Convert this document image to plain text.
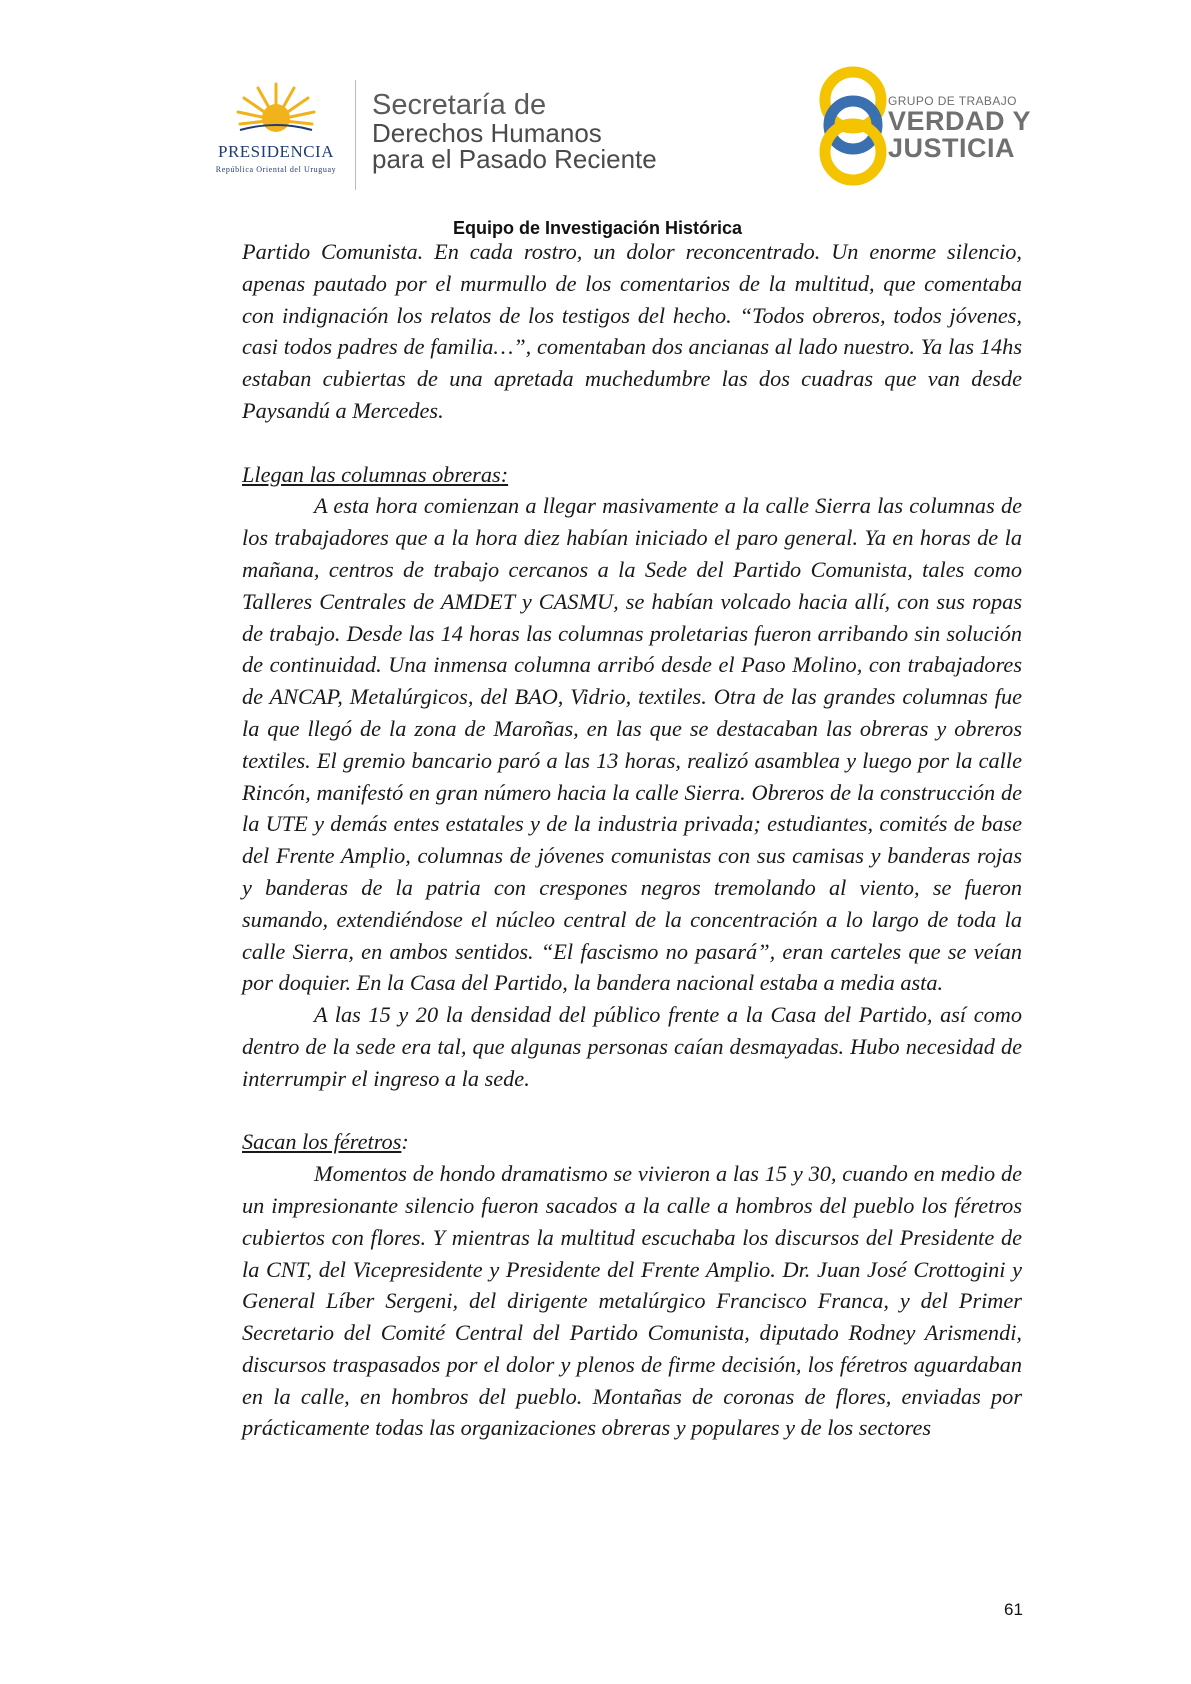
PRESIDENCIA
República Oriental del Uruguay
Secretaría de
Derechos Humanos
para el Pasado Reciente
GRUPO DE TRABAJO
VERDAD Y
JUSTICIA
Equipo de Investigación Histórica

Partido Comunista. En cada rostro, un dolor reconcentrado. Un enorme silencio, apenas pautado por el murmullo de los comentarios de la multitud, que comentaba con indignación los relatos de los testigos del hecho. “Todos obreros, todos jóvenes, casi todos padres de familia…”, comentaban dos ancianas al lado nuestro. Ya las 14hs estaban cubiertas de una apretada muchedumbre las dos cuadras que van desde Paysandú a Mercedes.

Llegan las columnas obreras:

A esta hora comienzan a llegar masivamente a la calle Sierra las columnas de los trabajadores que a la hora diez habían iniciado el paro general. Ya en horas de la mañana, centros de trabajo cercanos a la Sede del Partido Comunista, tales como Talleres Centrales de AMDET y CASMU, se habían volcado hacia allí, con sus ropas de trabajo. Desde las 14 horas las columnas proletarias fueron arribando sin solución de continuidad. Una inmensa columna arribó desde el Paso Molino, con trabajadores de ANCAP, Metalúrgicos, del BAO, Vidrio, textiles. Otra de las grandes columnas fue la que llegó de la zona de Maroñas, en las que se destacaban las obreras y obreros textiles. El gremio bancario paró a las 13 horas, realizó asamblea y luego por la calle Rincón, manifestó en gran número hacia la calle Sierra. Obreros de la construcción de la UTE y demás entes estatales y de la industria privada; estudiantes, comités de base del Frente Amplio, columnas de jóvenes comunistas con sus camisas y banderas rojas y banderas de la patria con crespones negros tremolando al viento, se fueron sumando, extendiéndose el núcleo central de la concentración a lo largo de toda la calle Sierra, en ambos sentidos. “El fascismo no pasará”, eran carteles que se veían por doquier. En la Casa del Partido, la bandera nacional estaba a media asta.

A las 15 y 20 la densidad del público frente a la Casa del Partido, así como dentro de la sede era tal, que algunas personas caían desmayadas. Hubo necesidad de interrumpir el ingreso a la sede.

Sacan los féretros:

Momentos de hondo dramatismo se vivieron a las 15 y 30, cuando en medio de un impresionante silencio fueron sacados a la calle a hombros del pueblo los féretros cubiertos con flores. Y mientras la multitud escuchaba los discursos del Presidente de la CNT, del Vicepresidente y Presidente del Frente Amplio. Dr. Juan José Crottogini y General Líber Sergeni, del dirigente metalúrgico Francisco Franca, y del Primer Secretario del Comité Central del Partido Comunista, diputado Rodney Arismendi, discursos traspasados por el dolor y plenos de firme decisión, los féretros aguardaban en la calle, en hombros del pueblo. Montañas de coronas de flores, enviadas por prácticamente todas las organizaciones obreras y populares y de los sectores

61
